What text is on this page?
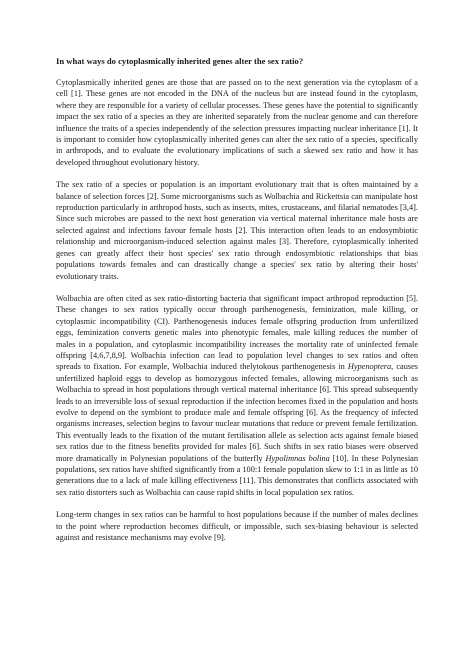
In what ways do cytoplasmically inherited genes alter the sex ratio?

Cytoplasmically inherited genes are those that are passed on to the next generation via the cytoplasm of a cell [1]. These genes are not encoded in the DNA of the nucleus but are instead found in the cytoplasm, where they are responsible for a variety of cellular processes. These genes have the potential to significantly impact the sex ratio of a species as they are inherited separately from the nuclear genome and can therefore influence the traits of a species independently of the selection pressures impacting nuclear inheritance [1]. It is important to consider how cytoplasmically inherited genes can alter the sex ratio of a species, specifically in arthropods, and to evaluate the evolutionary implications of such a skewed sex ratio and how it has developed throughout evolutionary history.

The sex ratio of a species or population is an important evolutionary trait that is often maintained by a balance of selection forces [2]. Some microorganisms such as Wolbachia and Rickettsia can manipulate host reproduction particularly in arthropod hosts, such as insects, mites, crustaceans, and filarial nematodes [3,4]. Since such microbes are passed to the next host generation via vertical maternal inheritance male hosts are selected against and infections favour female hosts [2]. This interaction often leads to an endosymbiotic relationship and microorganism-induced selection against males [3]. Therefore, cytoplasmically inherited genes can greatly affect their host species' sex ratio through endosymbiotic relationships that bias populations towards females and can drastically change a species' sex ratio by altering their hosts' evolutionary traits.

Wolbachia are often cited as sex ratio-distorting bacteria that significant impact arthropod reproduction [5]. These changes to sex ratios typically occur through parthenogenesis, feminization, male killing, or cytoplasmic incompatibility (CI). Parthenogenesis induces female offspring production from unfertilized eggs, feminization converts genetic males into phenotypic females, male killing reduces the number of males in a population, and cytoplasmic incompatibility increases the mortality rate of uninfected female offspring [4,6,7,8,9]. Wolbachia infection can lead to population level changes to sex ratios and often spreads to fixation. For example, Wolbachia induced thelytokous parthenogenesis in Hypenoptera, causes unfertilized haploid eggs to develop as homozygous infected females, allowing microorganisms such as Wolbachia to spread in host populations through vertical maternal inheritance [6]. This spread subsequently leads to an irreversible loss of sexual reproduction if the infection becomes fixed in the population and hosts evolve to depend on the symbiont to produce male and female offspring [6]. As the frequency of infected organisms increases, selection begins to favour nuclear mutations that reduce or prevent female fertilization. This eventually leads to the fixation of the mutant fertilisation allele as selection acts against female biased sex ratios due to the fitness benefits provided for males [6]. Such shifts in sex ratio biases were observed more dramatically in Polynesian populations of the butterfly Hypolimnas bolina [10]. In these Polynesian populations, sex ratios have shifted significantly from a 100:1 female population skew to 1:1 in as little as 10 generations due to a lack of male killing effectiveness [11]. This demonstrates that conflicts associated with sex ratio distorters such as Wolbachia can cause rapid shifts in local population sex ratios.

Long-term changes in sex ratios can be harmful to host populations because if the number of males declines to the point where reproduction becomes difficult, or impossible, such sex-biasing behaviour is selected against and resistance mechanisms may evolve [9].
